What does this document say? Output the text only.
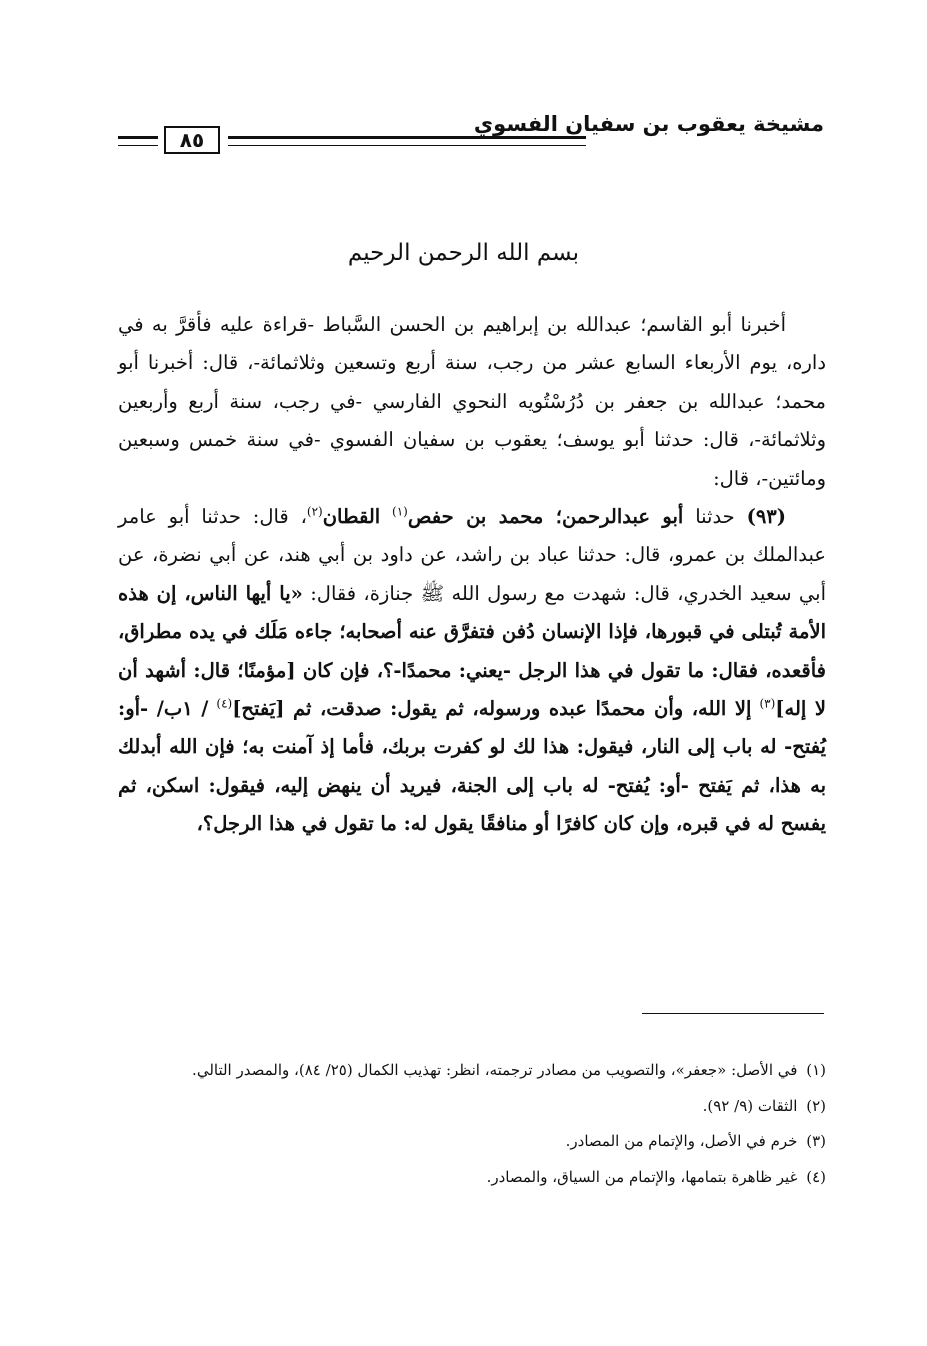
مشيخة يعقوب بن سفيان الفسوي
٨٥
بسم الله الرحمن الرحيم

أخبرنا أبو القاسم؛ عبدالله بن إبراهيم بن الحسن السَّباط -قراءة عليه فأقرَّ به في داره، يوم الأربعاء السابع عشر من رجب، سنة أربع وتسعين وثلاثمائة-، قال: أخبرنا أبو محمد؛ عبدالله بن جعفر بن دُرُسْتُويه النحوي الفارسي -في رجب، سنة أربع وأربعين وثلاثمائة-، قال: حدثنا أبو يوسف؛ يعقوب بن سفيان الفسوي -في سنة خمس وسبعين ومائتين-، قال:

(٩٣) حدثنا أبو عبدالرحمن؛ محمد بن حفص$^{(١)}$ القطان$^{(٢)}$، قال: حدثنا أبو عامر عبدالملك بن عمرو، قال: حدثنا عباد بن راشد، عن داود بن أبي هند، عن أبي نضرة، عن أبي سعيد الخدري، قال: شهدت مع رسول الله ﷺ جنازة، فقال: «يا أيها الناس، إن هذه الأمة تُبتلى في قبورها، فإذا الإنسان دُفن فتفرَّق عنه أصحابه؛ جاءه مَلَك في يده مطراق، فأقعده، فقال: ما تقول في هذا الرجل -يعني: محمدًا-؟، فإن كان [مؤمنًا؛ قال: أشهد أن لا إله]$^{(٣)}$ إلا الله، وأن محمدًا عبده ورسوله، ثم يقول: صدقت، ثم [يَفتح]$^{(٤)}$ / ١ب/ -أو: يُفتح- له باب إلى النار، فيقول: هذا لك لو كفرت بربك، فأما إذ آمنت به؛ فإن الله أبدلك به هذا، ثم يَفتح -أو: يُفتح- له باب إلى الجنة، فيريد أن ينهض إليه، فيقول: اسكن، ثم يفسح له في قبره، وإن كان كافرًا أو منافقًا يقول له: ما تقول في هذا الرجل؟،

(١) في الأصل: «جعفر»، والتصويب من مصادر ترجمته، انظر: تهذيب الكمال (٢٥/ ٨٤)، والمصدر التالي.

(٢) الثقات (٩/ ٩٢).

(٣) خرم في الأصل، والإتمام من المصادر.

(٤) غير ظاهرة بتمامها، والإتمام من السياق، والمصادر.
